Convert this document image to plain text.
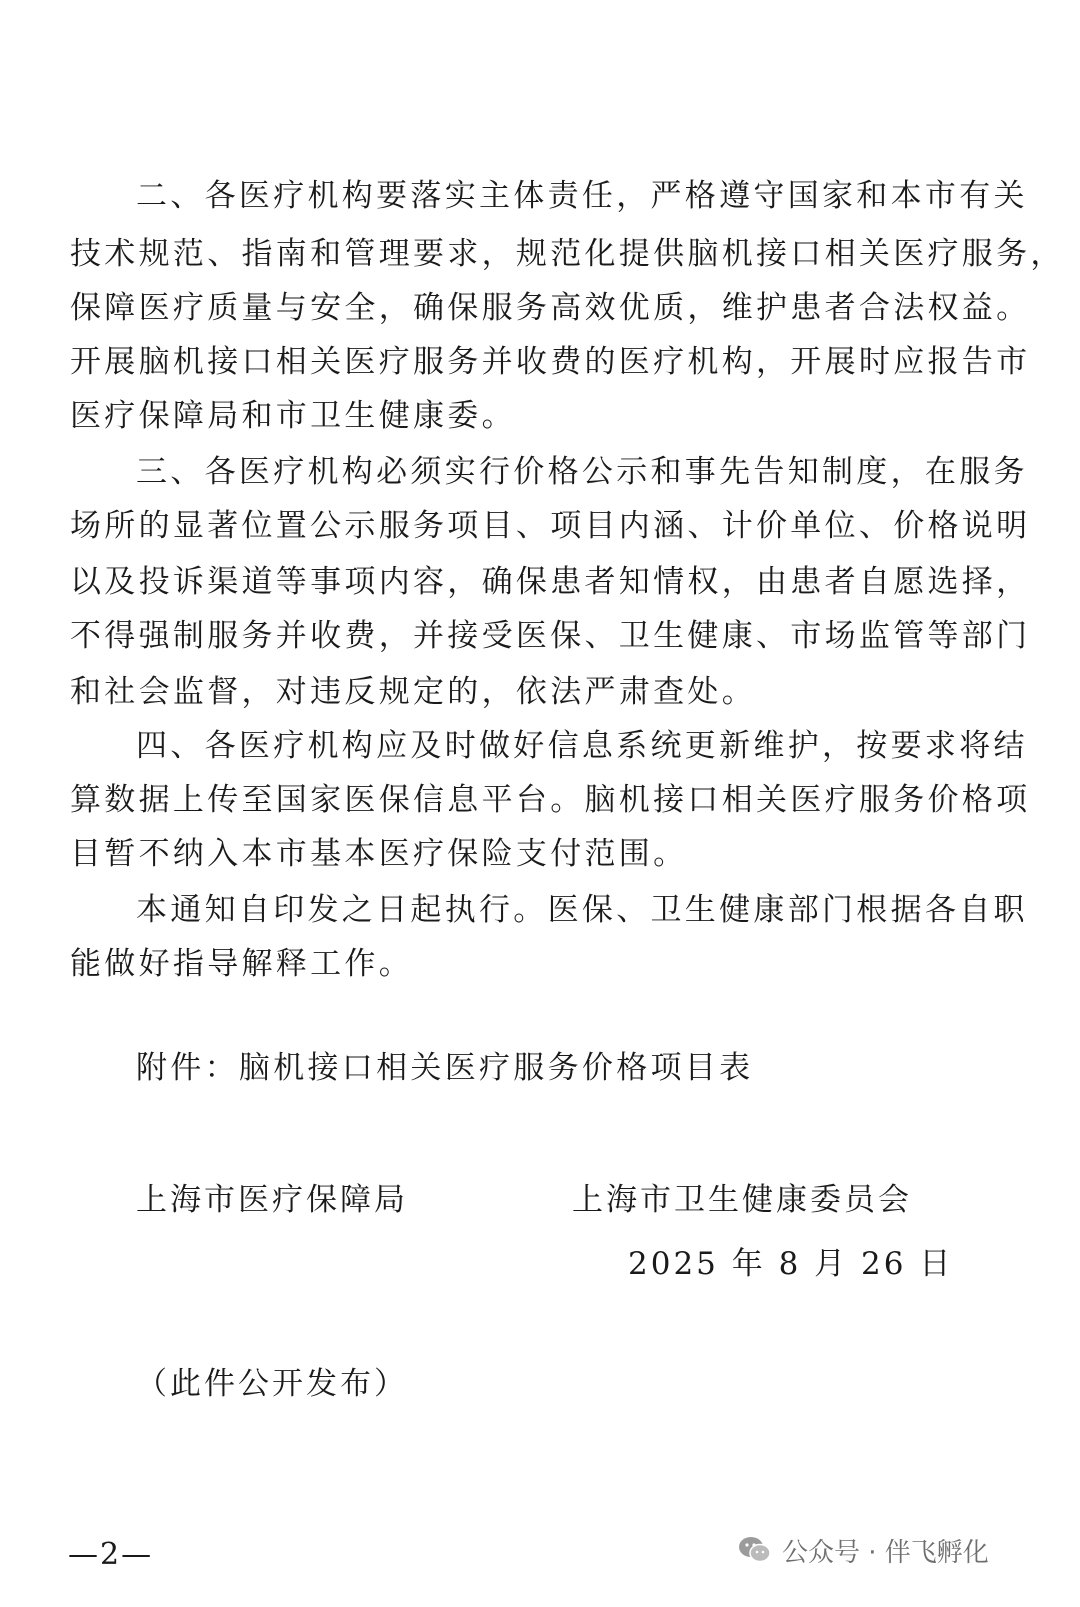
二、各医疗机构要落实主体责任，严格遵守国家和本市有关
技术规范、指南和管理要求，规范化提供脑机接口相关医疗服务，
保障医疗质量与安全，确保服务高效优质，维护患者合法权益。
开展脑机接口相关医疗服务并收费的医疗机构，开展时应报告市
医疗保障局和市卫生健康委。
三、各医疗机构必须实行价格公示和事先告知制度，在服务
场所的显著位置公示服务项目、项目内涵、计价单位、价格说明
以及投诉渠道等事项内容，确保患者知情权，由患者自愿选择，
不得强制服务并收费，并接受医保、卫生健康、市场监管等部门
和社会监督，对违反规定的，依法严肃查处。
四、各医疗机构应及时做好信息系统更新维护，按要求将结
算数据上传至国家医保信息平台。脑机接口相关医疗服务价格项
目暂不纳入本市基本医疗保险支付范围。
本通知自印发之日起执行。医保、卫生健康部门根据各自职
能做好指导解释工作。
附件：脑机接口相关医疗服务价格项目表
上海市医疗保障局	上海市卫生健康委员会
2025 年 8 月 26 日
（此件公开发布）
—2—	公众号 · 伴飞孵化
